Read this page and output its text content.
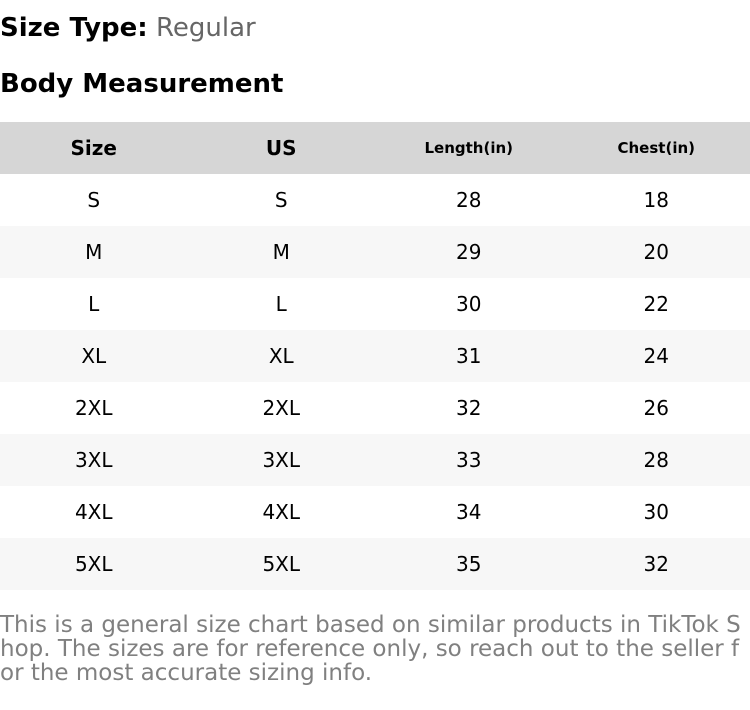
Size Type: Regular
Body Measurement
Size	US	Length(in)	Chest(in)
S	S	28	18
M	M	29	20
L	L	30	22
XL	XL	31	24
2XL	2XL	32	26
3XL	3XL	33	28
4XL	4XL	34	30
5XL	5XL	35	32
This is a general size chart based on similar products in TikTok Shop. The sizes are for reference only, so reach out to the seller for the most accurate sizing info.
